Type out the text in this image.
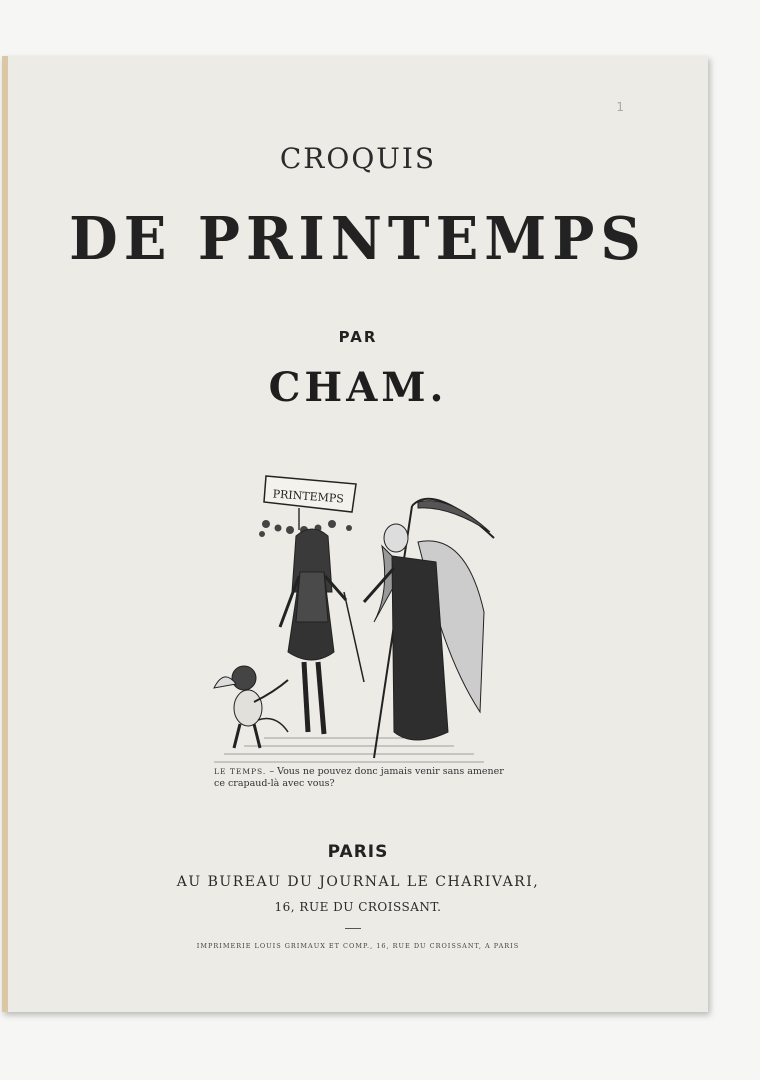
1
CROQUIS
DE PRINTEMPS
PAR
CHAM.
PRINTEMPS
LE TEMPS. – Vous ne pouvez donc jamais venir sans amener
ce crapaud-là avec vous?
PARIS
AU BUREAU DU JOURNAL LE CHARIVARI,
16, RUE DU CROISSANT.
IMPRIMERIE LOUIS GRIMAUX ET COMP., 16, RUE DU CROISSANT, A PARIS
